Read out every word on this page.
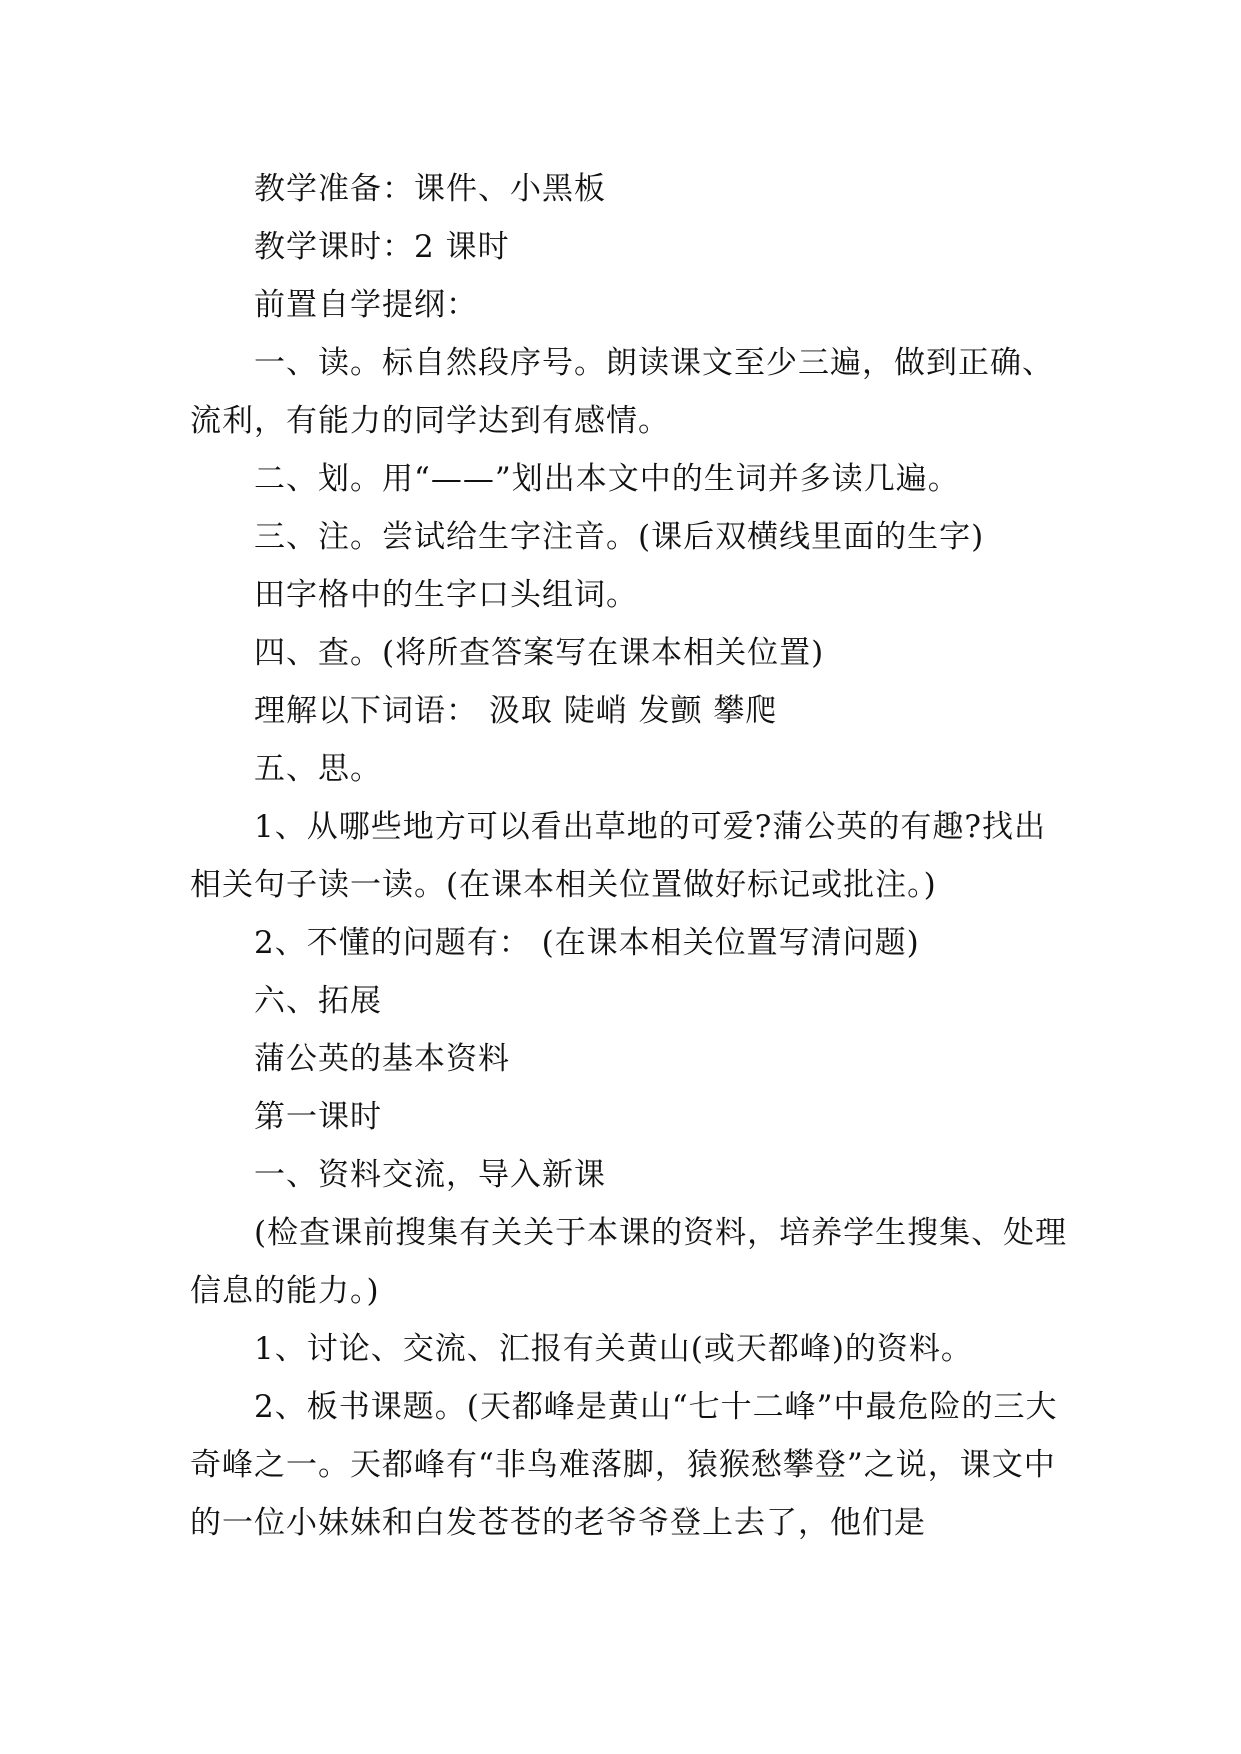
教学准备：课件、小黑板

教学课时：2 课时

前置自学提纲：

一、读。标自然段序号。朗读课文至少三遍，做到正确、流利，有能力的同学达到有感情。

二、划。用“——”划出本文中的生词并多读几遍。

三、注。尝试给生字注音。(课后双横线里面的生字)

田字格中的生字口头组词。

四、查。(将所查答案写在课本相关位置)

理解以下词语： 汲取 陡峭 发颤 攀爬

五、思。

1、从哪些地方可以看出草地的可爱?蒲公英的有趣?找出相关句子读一读。(在课本相关位置做好标记或批注。)

2、不懂的问题有： (在课本相关位置写清问题)

六、拓展

蒲公英的基本资料

第一课时

一、资料交流，导入新课

(检查课前搜集有关关于本课的资料，培养学生搜集、处理信息的能力。)

1、讨论、交流、汇报有关黄山(或天都峰)的资料。

2、板书课题。(天都峰是黄山“七十二峰”中最危险的三大奇峰之一。天都峰有“非鸟难落脚，猿猴愁攀登”之说，课文中的一位小妹妹和白发苍苍的老爷爷登上去了，他们是
